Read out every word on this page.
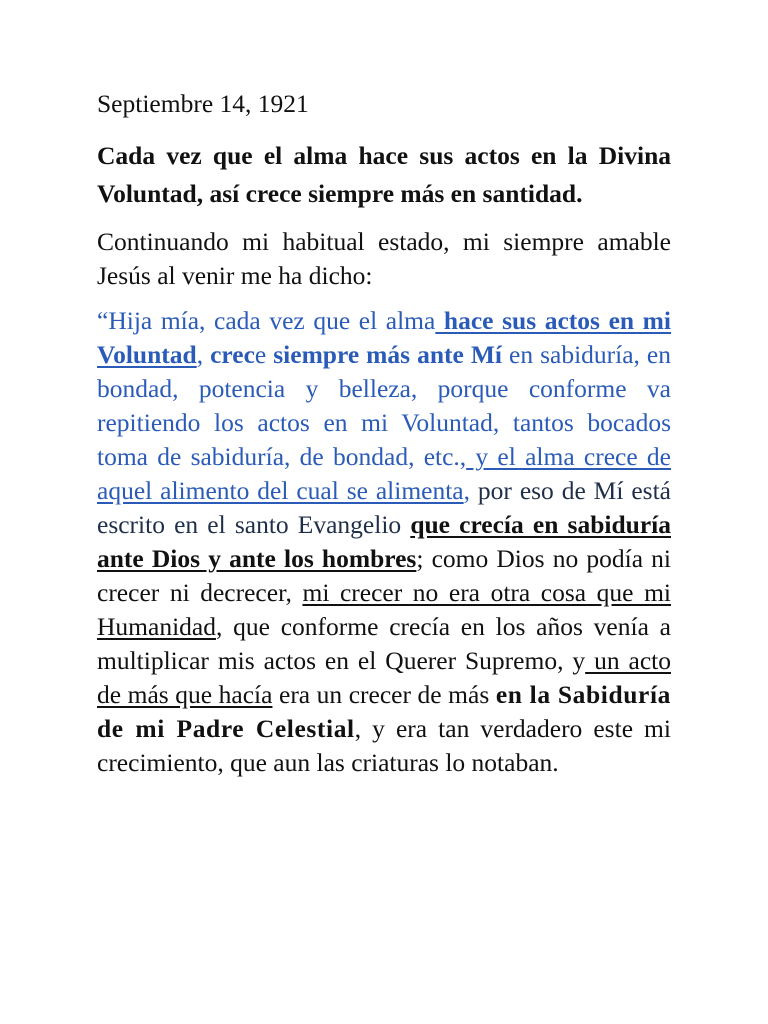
Septiembre 14, 1921

Cada vez que el alma hace sus actos en la Divina Voluntad, así crece siempre más en santidad.

Continuando mi habitual estado, mi siempre amable Jesús al venir me ha dicho:

“Hija mía, cada vez que el alma hace sus actos en mi Voluntad, crece siempre más ante Mí en sabiduría, en bondad, potencia y belleza, porque conforme va repitiendo los actos en mi Voluntad, tantos bocados toma de sabiduría, de bondad, etc., y el alma crece de aquel alimento del cual se alimenta, por eso de Mí está escrito en el santo Evangelio que crecía en sabiduría ante Dios y ante los hombres; como Dios no podía ni crecer ni decrecer, mi crecer no era otra cosa que mi Humanidad, que conforme crecía en los años venía a multiplicar mis actos en el Querer Supremo, y un acto de más que hacía era un crecer de más en la Sabiduría de mi Padre Celestial, y era tan verdadero este mi crecimiento, que aun las criaturas lo notaban.
